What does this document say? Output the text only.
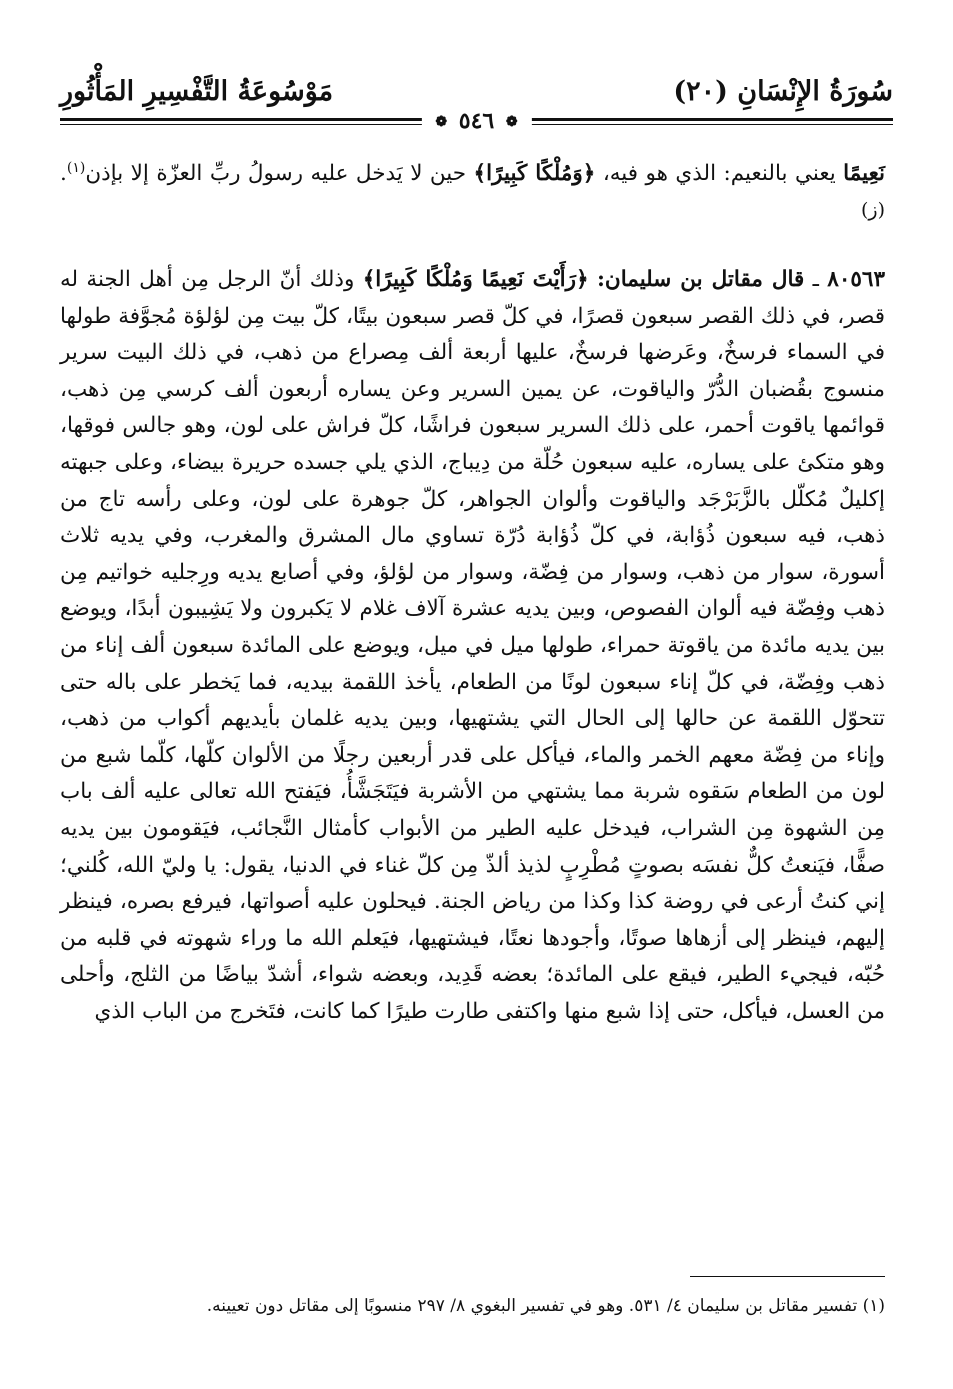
سُورَةُ الإِنْسَانِ (٢٠)
مَوْسُوعَةُ التَّفْسِيرِ المَأْثُورِ
❁ ٥٤٦ ❁

نَعِيمًا يعني بالنعيم: الذي هو فيه، ﴿وَمُلْكًا كَبِيرًا﴾ حين لا يَدخل عليه رسولُ ربِّ العزّة إلا بإذن$^{(١)}$. (ز)

٨٠٥٦٣ ـ قال مقاتل بن سليمان: ﴿رَأَيْتَ نَعِيمًا وَمُلْكًا كَبِيرًا﴾ وذلك أنّ الرجل مِن أهل الجنة له قصر، في ذلك القصر سبعون قصرًا، في كلّ قصر سبعون بيتًا، كلّ بيت مِن لؤلؤة مُجوَّفة طولها في السماء فرسخٌ، وعَرضها فرسخٌ، عليها أربعة ألف مِصراع من ذهب، في ذلك البيت سرير منسوج بقُضبان الدُّرّ والياقوت، عن يمين السرير وعن يساره أربعون ألف كرسي مِن ذهب، قوائمها ياقوت أحمر، على ذلك السرير سبعون فراشًا، كلّ فراش على لون، وهو جالس فوقها، وهو متكئ على يساره، عليه سبعون حُلّة من دِيباج، الذي يلي جسده حريرة بيضاء، وعلى جبهته إكليلٌ مُكلّل بالزَّبَرْجَد والياقوت وألوان الجواهر، كلّ جوهرة على لون، وعلى رأسه تاج من ذهب، فيه سبعون ذُؤابة، في كلّ ذُؤابة دُرّة تساوي مال المشرق والمغرب، وفي يديه ثلاث أسورة، سوار من ذهب، وسوار من فِضّة، وسوار من لؤلؤ، وفي أصابع يديه ورِجليه خواتيم مِن ذهب وفِضّة فيه ألوان الفصوص، وبين يديه عشرة آلاف غلام لا يَكبرون ولا يَشِيبون أبدًا، ويوضع بين يديه مائدة من ياقوتة حمراء، طولها ميل في ميل، ويوضع على المائدة سبعون ألف إناء من ذهب وفِضّة، في كلّ إناء سبعون لونًا من الطعام، يأخذ اللقمة بيديه، فما يَخطر على باله حتى تتحوّل اللقمة عن حالها إلى الحال التي يشتهيها، وبين يديه غلمان بأيديهم أكواب من ذهب، وإناء من فِضّة معهم الخمر والماء، فيأكل على قدر أربعين رجلًا من الألوان كلّها، كلّما شبع من لون من الطعام سَقوه شربة مما يشتهي من الأشربة فيَتَجَشَّأُ، فيَفتح الله تعالى عليه ألف باب مِن الشهوة مِن الشراب، فيدخل عليه الطير من الأبواب كأمثال النَّجائب، فيَقومون بين يديه صفًّا، فيَنعتُ كلٌّ نفسَه بصوتٍ مُطْرِبٍ لذيذ ألذّ مِن كلّ غناء في الدنيا، يقول: يا وليّ الله، كُلني؛ إني كنتُ أرعى في روضة كذا وكذا من رياض الجنة. فيحلون عليه أصواتها، فيرفع بصره، فينظر إليهم، فينظر إلى أزهاها صوتًا، وأجودها نعتًا، فيشتهيها، فيَعلم الله ما وراء شهوته في قلبه من حُبّه، فيجيء الطير، فيقع على المائدة؛ بعضه قَدِيد، وبعضه شواء، أشدّ بياضًا من الثلج، وأحلى من العسل، فيأكل، حتى إذا شبع منها واكتفى طارت طيرًا كما كانت، فتَخرج من الباب الذي

(١) تفسير مقاتل بن سليمان ٤/ ٥٣١. وهو في تفسير البغوي ٨/ ٢٩٧ منسوبًا إلى مقاتل دون تعيينه.
